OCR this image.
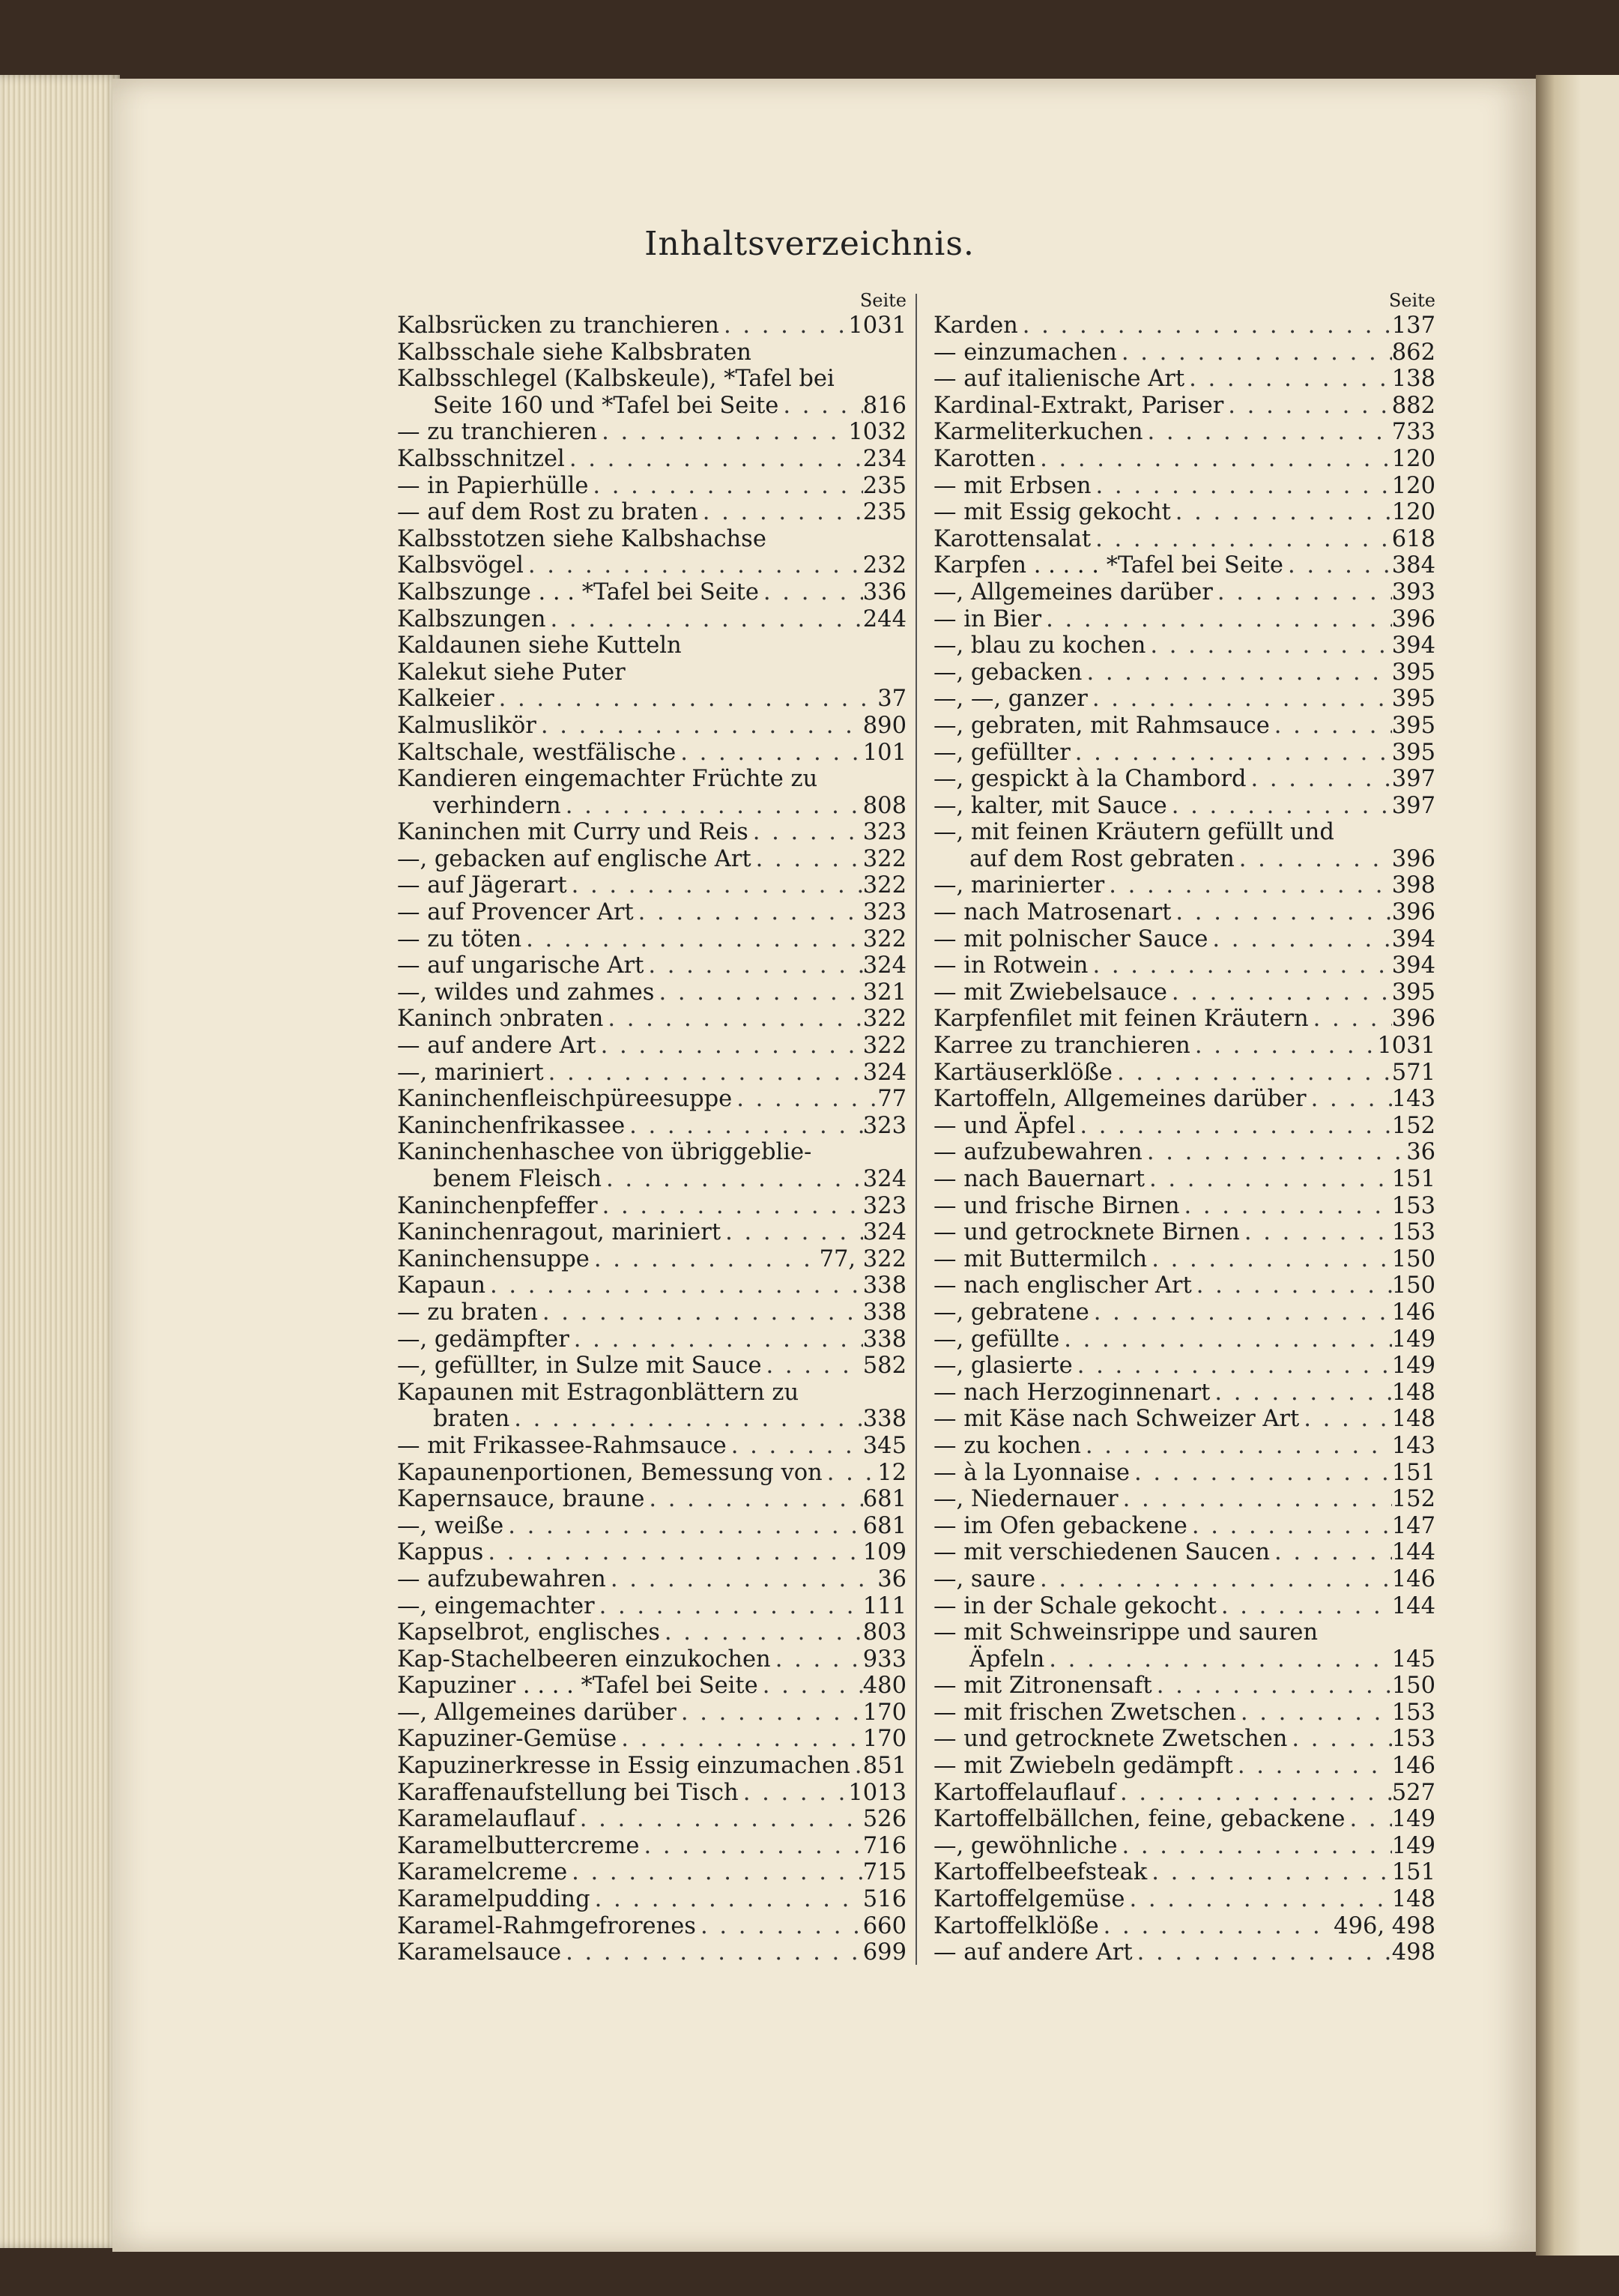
Inhaltsverzeichnis.
Seite
Kalbsrücken zu tranchieren . . .	1031
Kalbsschale siehe Kalbsbraten
Kalbsschlegel (Kalbskeule), *Tafel bei
Seite 160 und *Tafel bei Seite . . .	816
— zu tranchieren . . .	1032
Kalbsschnitzel . . .	234
— in Papierhülle . . .	235
— auf dem Rost zu braten . . .	235
Kalbsstotzen siehe Kalbshachse
Kalbsvögel . . .	232
Kalbszunge . . . *Tafel bei Seite . . .	336
Kalbszungen . . .	244
Kaldaunen siehe Kutteln
Kalekut siehe Puter
Kalkeier . . .	37
Kalmuslikör . . .	890
Kaltschale, westfälische . . .	101
Kandieren eingemachter Früchte zu
verhindern . . .	808
Kaninchen mit Curry und Reis . . .	323
—, gebacken auf englische Art . . .	322
— auf Jägerart . . .	322
— auf Provencer Art . . .	323
— zu töten . . .	322
— auf ungarische Art . . .	324
—, wildes und zahmes . . .	321
Kaninch ͻnbraten . . .	322
— auf andere Art . . .	322
—, mariniert . . .	324
Kaninchenfleischpüreesuppe . . .	77
Kaninchenfrikassee . . .	323
Kaninchenhaschee von übriggeblie-
benem Fleisch . . .	324
Kaninchenpfeffer . . .	323
Kaninchenragout, mariniert . . .	324
Kaninchensuppe . . .	77, 322
Kapaun . . .	338
— zu braten . . .	338
—, gedämpfter . . .	338
—, gefüllter, in Sulze mit Sauce . . .	582
Kapaunen mit Estragonblättern zu
braten . . .	338
— mit Frikassee-Rahmsauce . . .	345
Kapaunenportionen, Bemessung von . . . 12
Kapernsauce, braune . . .	681
—, weiße . . .	681
Kappus . . .	109
— aufzubewahren . . .	36
—, eingemachter . . .	111
Kapselbrot, englisches . . .	803
Kap-Stachelbeeren einzukochen . . .	933
Kapuziner . . . . *Tafel bei Seite . . .	480
—, Allgemeines darüber . . .	170
Kapuziner-Gemüse . . .	170
Kapuzinerkresse in Essig einzumachen . . . 851
Karaffenaufstellung bei Tisch . . .	1013
Karamelauflauf . . .	526
Karamelbuttercreme . . .	716
Karamelcreme . . .	715
Karamelpudding . . .	516
Karamel-Rahmgefrorenes . . .	660
Karamelsauce . . .	699
Seite
Karden . . .	137
— einzumachen . . .	862
— auf italienische Art . . .	138
Kardinal-Extrakt, Pariser . . .	882
Karmeliterkuchen . . .	733
Karotten . . .	120
— mit Erbsen . . .	120
— mit Essig gekocht . . .	120
Karottensalat . . .	618
Karpfen . . . . . *Tafel bei Seite . . .	384
—, Allgemeines darüber . . .	393
— in Bier . . .	396
—, blau zu kochen . . .	394
—, gebacken . . .	395
—, —, ganzer . . .	395
—, gebraten, mit Rahmsauce . . .	395
—, gefüllter . . .	395
—, gespickt à la Chambord . . .	397
—, kalter, mit Sauce . . .	397
—, mit feinen Kräutern gefüllt und
auf dem Rost gebraten . . .	396
—, marinierter . . .	398
— nach Matrosenart . . .	396
— mit polnischer Sauce . . .	394
— in Rotwein . . .	394
— mit Zwiebelsauce . . .	395
Karpfenfilet mit feinen Kräutern . . .	396
Karree zu tranchieren . . .	1031
Kartäuserklöße . . .	571
Kartoffeln, Allgemeines darüber . . .	143
— und Äpfel . . .	152
— aufzubewahren . . .	36
— nach Bauernart . . .	151
— und frische Birnen . . .	153
— und getrocknete Birnen . . .	153
— mit Buttermilch . . .	150
— nach englischer Art . . .	150
—, gebratene . . .	146
—, gefüllte . . .	149
—, glasierte . . .	149
— nach Herzoginnenart . . .	148
— mit Käse nach Schweizer Art . . .	148
— zu kochen . . .	143
— à la Lyonnaise . . .	151
—, Niedernauer . . .	152
— im Ofen gebackene . . .	147
— mit verschiedenen Saucen . . .	144
—, saure . . .	146
— in der Schale gekocht . . .	144
— mit Schweinsrippe und sauren
Äpfeln . . .	145
— mit Zitronensaft . . .	150
— mit frischen Zwetschen . . .	153
— und getrocknete Zwetschen . . .	153
— mit Zwiebeln gedämpft . . .	146
Kartoffelauflauf . . .	527
Kartoffelbällchen, feine, gebackene . . . 149
—, gewöhnliche . . .	149
Kartoffelbeefsteak . . .	151
Kartoffelgemüse . . .	148
Kartoffelklöße . . .	496, 498
— auf andere Art . . .	498
